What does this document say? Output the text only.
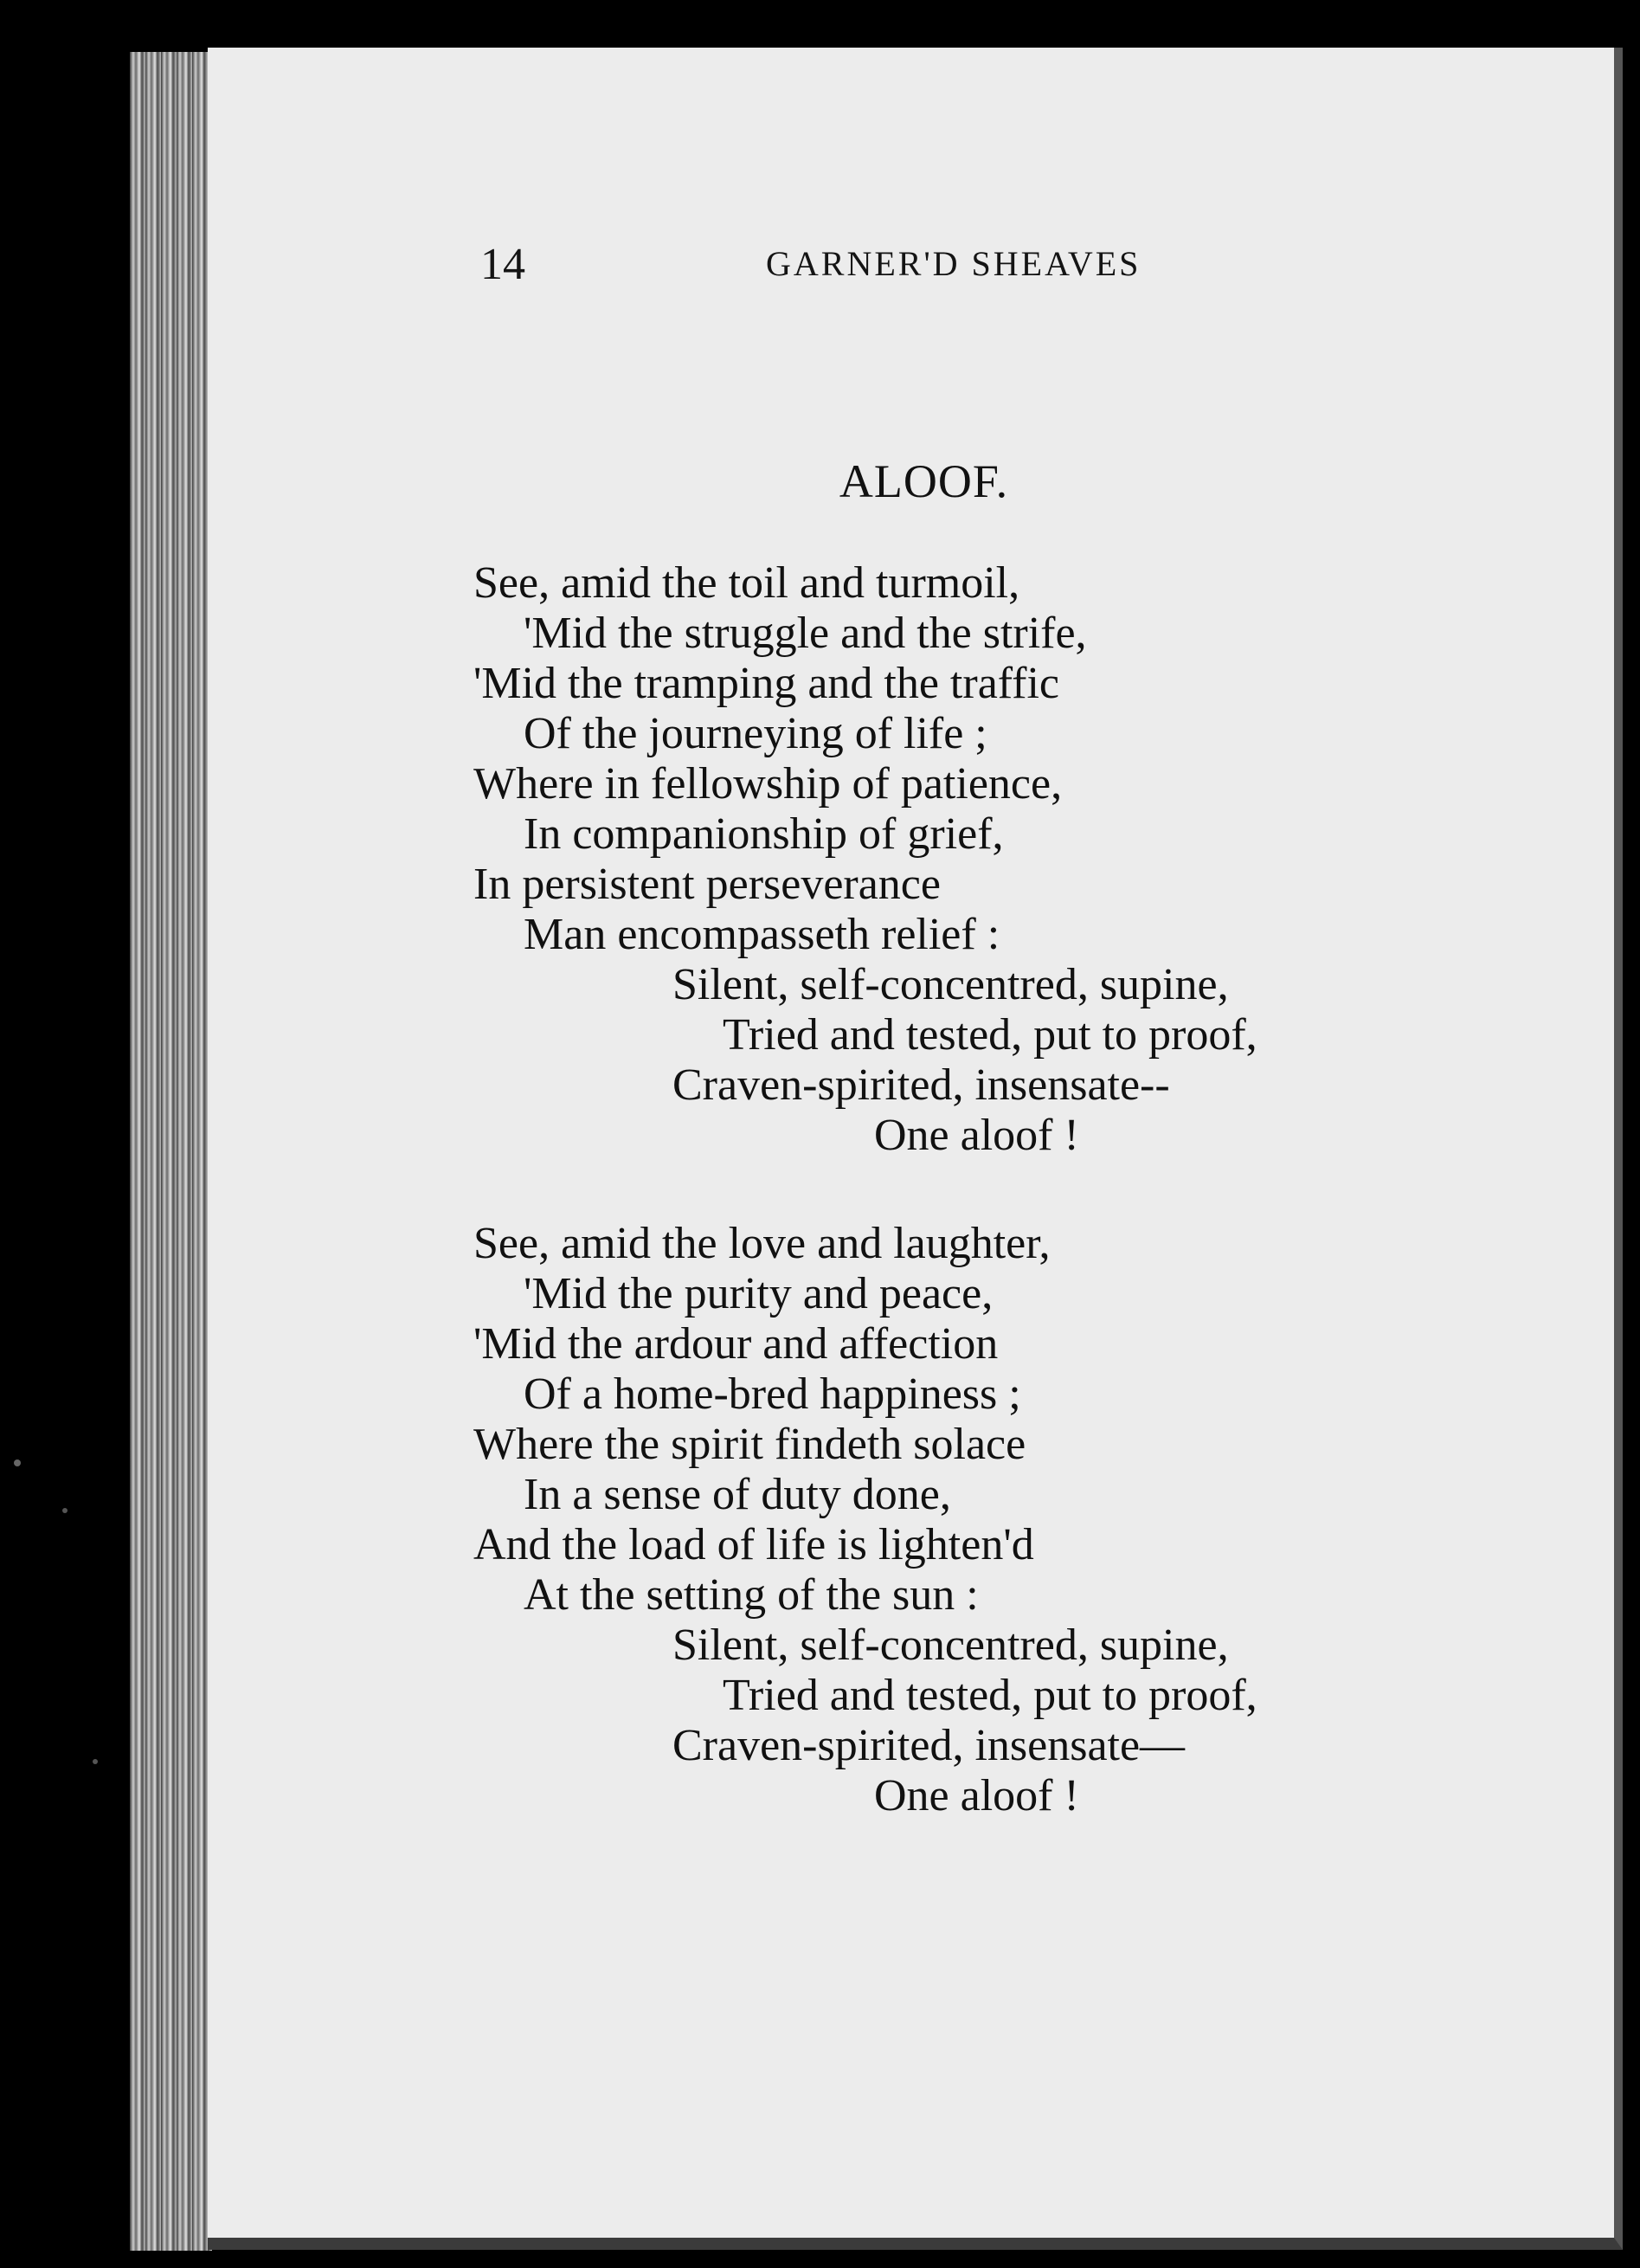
14	GARNER'D SHEAVES
ALOOF.
See, amid the toil and turmoil,
'Mid the struggle and the strife,
'Mid the tramping and the traffic
Of the journeying of life ;
Where in fellowship of patience,
In companionship of grief,
In persistent perseverance
Man encompasseth relief :
Silent, self-concentred, supine,
Tried and tested, put to proof,
Craven-spirited, insensate--
One aloof !
See, amid the love and laughter,
'Mid the purity and peace,
'Mid the ardour and affection
Of a home-bred happiness ;
Where the spirit findeth solace
In a sense of duty done,
And the load of life is lighten'd
At the setting of the sun :
Silent, self-concentred, supine,
Tried and tested, put to proof,
Craven-spirited, insensate—
One aloof !
